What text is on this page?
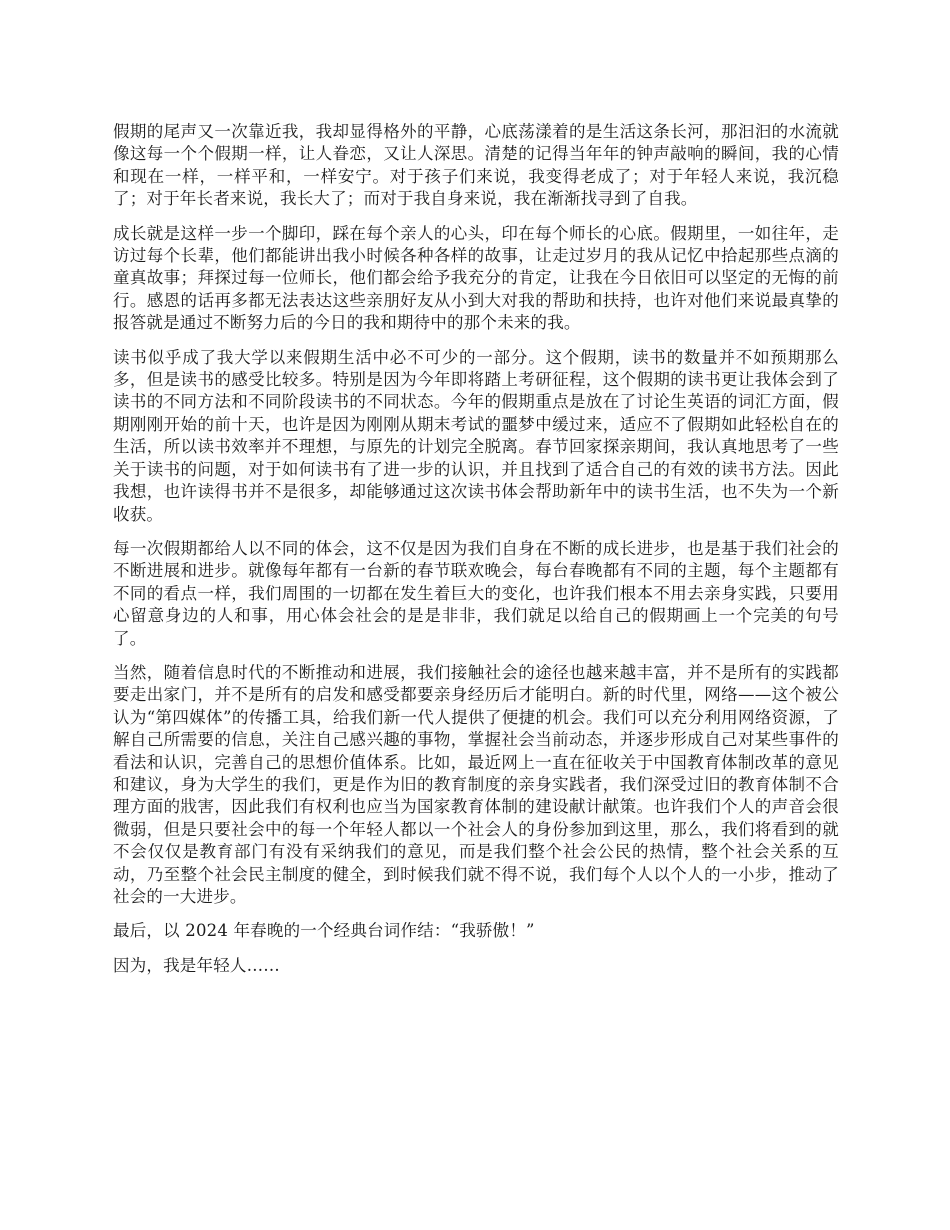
假期的尾声又一次靠近我，我却显得格外的平静，心底荡漾着的是生活这条长河，那汩汩的水流就像这每一个个假期一样，让人眷恋，又让人深思。清楚的记得当年年的钟声敲响的瞬间，我的心情和现在一样，一样平和，一样安宁。对于孩子们来说，我变得老成了；对于年轻人来说，我沉稳了；对于年长者来说，我长大了；而对于我自身来说，我在渐渐找寻到了自我。

成长就是这样一步一个脚印，踩在每个亲人的心头，印在每个师长的心底。假期里，一如往年，走访过每个长辈，他们都能讲出我小时候各种各样的故事，让走过岁月的我从记忆中拾起那些点滴的童真故事；拜探过每一位师长，他们都会给予我充分的肯定，让我在今日依旧可以坚定的无悔的前行。感恩的话再多都无法表达这些亲朋好友从小到大对我的帮助和扶持，也许对他们来说最真挚的报答就是通过不断努力后的今日的我和期待中的那个未来的我。

读书似乎成了我大学以来假期生活中必不可少的一部分。这个假期，读书的数量并不如预期那么多，但是读书的感受比较多。特别是因为今年即将踏上考研征程，这个假期的读书更让我体会到了读书的不同方法和不同阶段读书的不同状态。今年的假期重点是放在了讨论生英语的词汇方面，假期刚刚开始的前十天，也许是因为刚刚从期末考试的噩梦中缓过来，适应不了假期如此轻松自在的生活，所以读书效率并不理想，与原先的计划完全脱离。春节回家探亲期间，我认真地思考了一些关于读书的问题，对于如何读书有了进一步的认识，并且找到了适合自己的有效的读书方法。因此我想，也许读得书并不是很多，却能够通过这次读书体会帮助新年中的读书生活，也不失为一个新收获。

每一次假期都给人以不同的体会，这不仅是因为我们自身在不断的成长进步，也是基于我们社会的不断进展和进步。就像每年都有一台新的春节联欢晚会，每台春晚都有不同的主题，每个主题都有不同的看点一样，我们周围的一切都在发生着巨大的变化，也许我们根本不用去亲身实践，只要用心留意身边的人和事，用心体会社会的是是非非，我们就足以给自己的假期画上一个完美的句号了。

当然，随着信息时代的不断推动和进展，我们接触社会的途径也越来越丰富，并不是所有的实践都要走出家门，并不是所有的启发和感受都要亲身经历后才能明白。新的时代里，网络——这个被公认为“第四媒体”的传播工具，给我们新一代人提供了便捷的机会。我们可以充分利用网络资源，了解自己所需要的信息，关注自己感兴趣的事物，掌握社会当前动态，并逐步形成自己对某些事件的看法和认识，完善自己的思想价值体系。比如，最近网上一直在征收关于中国教育体制改革的意见和建议，身为大学生的我们，更是作为旧的教育制度的亲身实践者，我们深受过旧的教育体制不合理方面的戕害，因此我们有权利也应当为国家教育体制的建设献计献策。也许我们个人的声音会很微弱，但是只要社会中的每一个年轻人都以一个社会人的身份参加到这里，那么，我们将看到的就不会仅仅是教育部门有没有采纳我们的意见，而是我们整个社会公民的热情，整个社会关系的互动，乃至整个社会民主制度的健全，到时候我们就不得不说，我们每个人以个人的一小步，推动了社会的一大进步。

最后，以 2024 年春晚的一个经典台词作结：“我骄傲！”

因为，我是年轻人……
